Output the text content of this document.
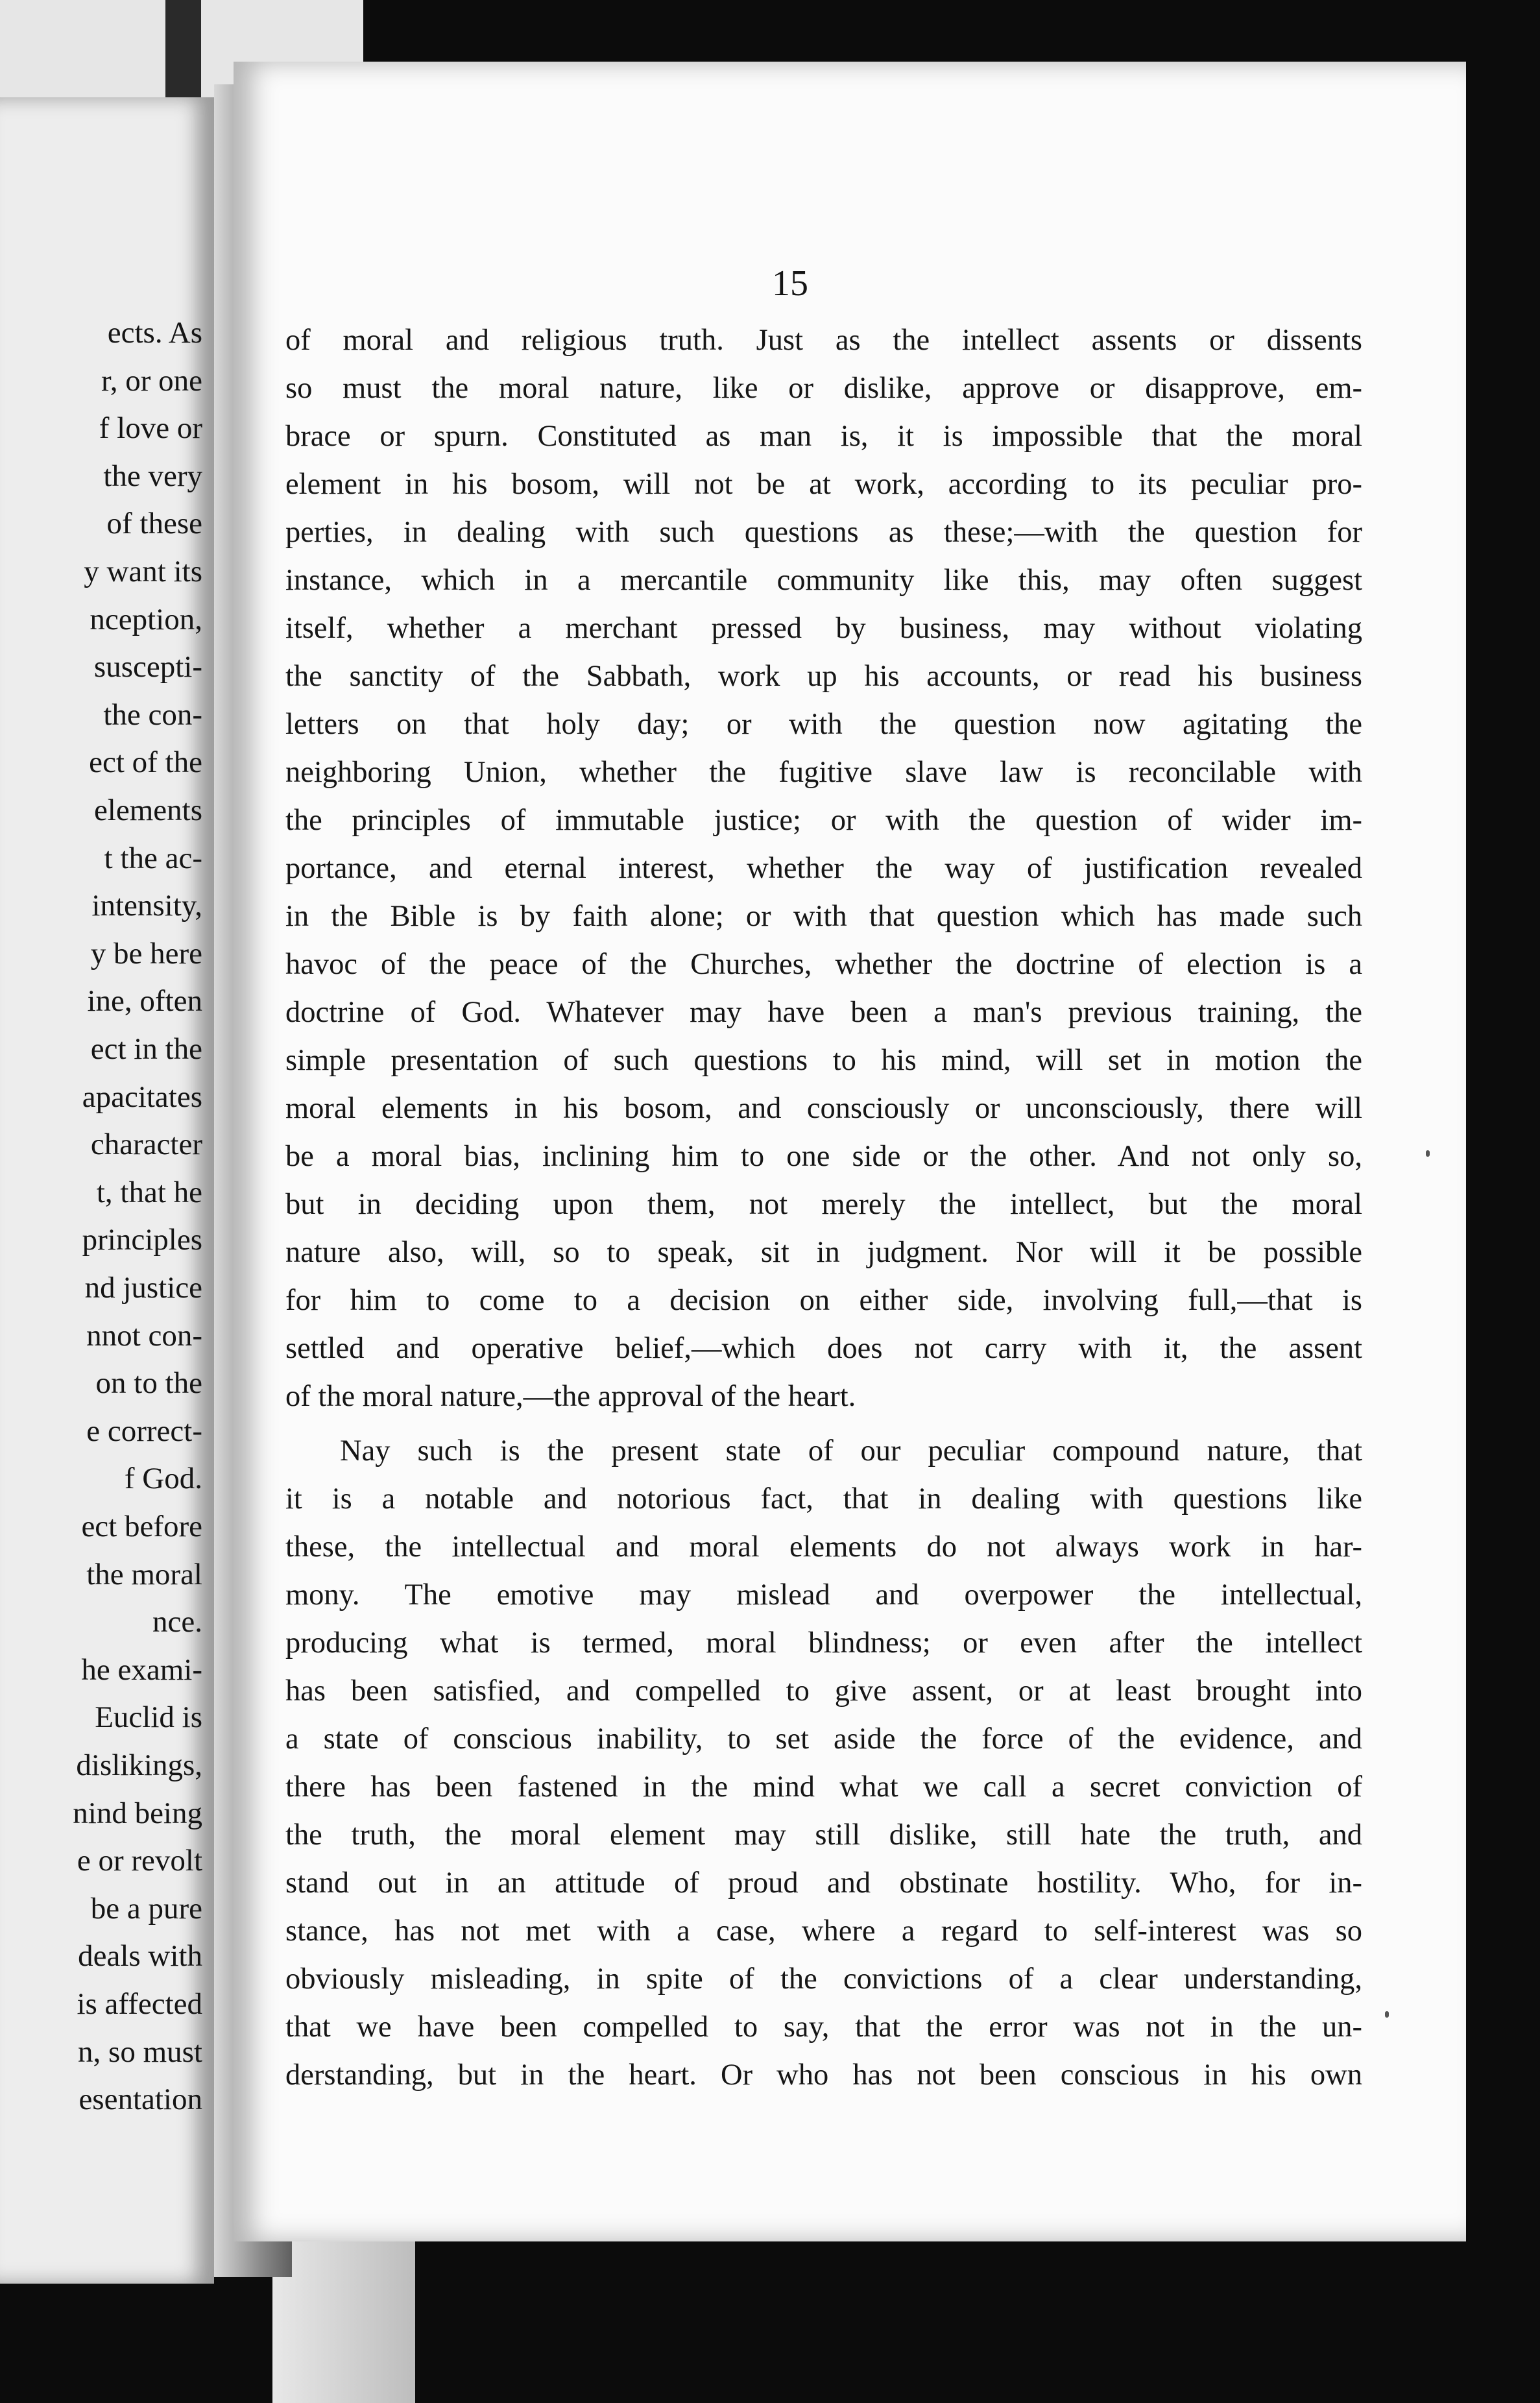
ects. As
r, or one
f love or
the very
of these
y want its
nception,
suscepti-
the con-
ect of the
elements
t the ac-
intensity,
y be here
ine, often
ect in the
apacitates
character
t, that he
principles
nd justice
nnot con-
on to the
e correct-
f God.
ect before
the moral
nce.
he exami-
Euclid is
dislikings,
nind being
e or revolt
be a pure
deals with
is affected
n, so must
esentation
15
of moral and religious truth. Just as the intellect assents or dissents
so must the moral nature, like or dislike, approve or disapprove, em-
brace or spurn. Constituted as man is, it is impossible that the moral
element in his bosom, will not be at work, according to its peculiar pro-
perties, in dealing with such questions as these;—with the question for
instance, which in a mercantile community like this, may often suggest
itself, whether a merchant pressed by business, may without violating
the sanctity of the Sabbath, work up his accounts, or read his business
letters on that holy day; or with the question now agitating the
neighboring Union, whether the fugitive slave law is reconcilable with
the principles of immutable justice; or with the question of wider im-
portance, and eternal interest, whether the way of justification revealed
in the Bible is by faith alone; or with that question which has made such
havoc of the peace of the Churches, whether the doctrine of election is a
doctrine of God. Whatever may have been a man's previous training, the
simple presentation of such questions to his mind, will set in motion the
moral elements in his bosom, and consciously or unconsciously, there will
be a moral bias, inclining him to one side or the other. And not only so,
but in deciding upon them, not merely the intellect, but the moral
nature also, will, so to speak, sit in judgment. Nor will it be possible
for him to come to a decision on either side, involving full,—that is
settled and operative belief,—which does not carry with it, the assent
of the moral nature,—the approval of the heart.
Nay such is the present state of our peculiar compound nature, that
it is a notable and notorious fact, that in dealing with questions like
these, the intellectual and moral elements do not always work in har-
mony. The emotive may mislead and overpower the intellectual,
producing what is termed, moral blindness; or even after the intellect
has been satisfied, and compelled to give assent, or at least brought into
a state of conscious inability, to set aside the force of the evidence, and
there has been fastened in the mind what we call a secret conviction of
the truth, the moral element may still dislike, still hate the truth, and
stand out in an attitude of proud and obstinate hostility. Who, for in-
stance, has not met with a case, where a regard to self-interest was so
obviously misleading, in spite of the convictions of a clear understanding,
that we have been compelled to say, that the error was not in the un-
derstanding, but in the heart. Or who has not been conscious in his own
